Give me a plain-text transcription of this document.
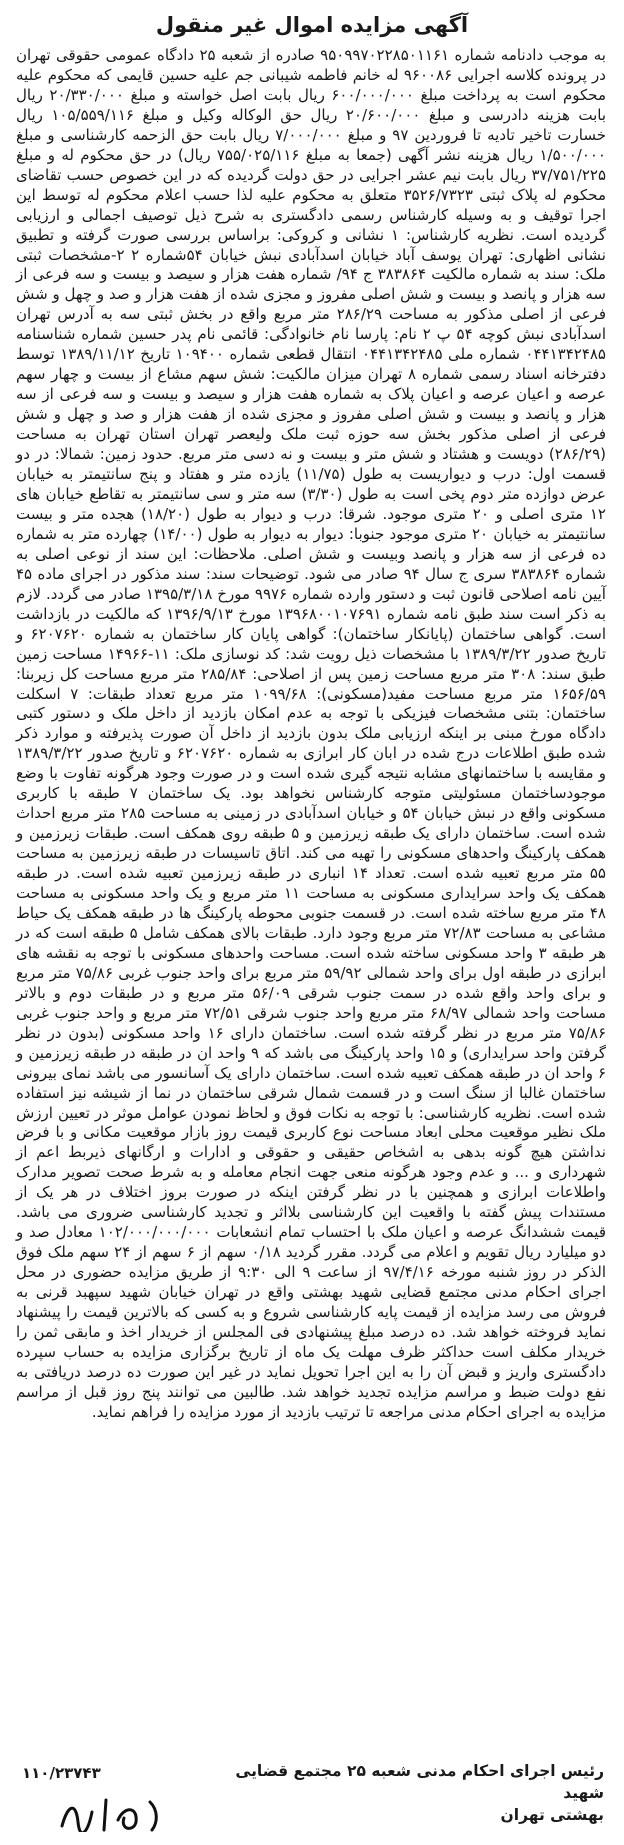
آگهی مزایده اموال غیر منقول

به موجب دادنامه شماره ۹۵۰۹۹۷۰۲۲۸۵۰۱۱۶۱ صادره از شعبه ۲۵ دادگاه عمومی حقوقی تهران در پرونده کلاسه اجرایی ۹۶۰۰۸۶ له خانم فاطمه شیبانی جم علیه حسین قایمی که محکوم علیه محکوم است به پرداخت مبلغ ۶۰۰/۰۰۰/۰۰۰ ریال بابت اصل خواسته و مبلغ ۲۰/۳۳۰/۰۰۰ ریال بابت هزینه دادرسی و مبلغ ۲۰/۶۰۰/۰۰۰ ریال حق الوکاله وکیل و مبلغ ۱۰۵/۵۵۹/۱۱۶ ریال خسارت تاخیر تادیه تا فروردین ۹۷ و مبلغ ۷/۰۰۰/۰۰۰ ریال بابت حق الزحمه کارشناسی و مبلغ ۱/۵۰۰/۰۰۰ ریال هزینه نشر آگهی (جمعا به مبلغ ۷۵۵/۰۲۵/۱۱۶ ریال) در حق محکوم له و مبلغ ۳۷/۷۵۱/۲۲۵ ریال بابت نیم عشر اجرایی در حق دولت گردیده که در این خصوص حسب تقاضای محکوم له پلاک ثبتی ۳۵۲۶/۷۳۲۳ متعلق به محکوم علیه لذا حسب اعلام محکوم له توسط این اجرا توقیف و به وسیله کارشناس رسمی دادگستری به شرح ذیل توصیف اجمالی و ارزیابی گردیده است. نظریه کارشناس: ۱ نشانی و کروکی: براساس بررسی صورت گرفته و تطبیق نشانی اظهاری: تهران یوسف آباد خیابان اسدآبادی نبش خیابان ۵۴شماره ۲ ۲-مشخصات ثبتی ملک: سند به شماره مالکیت ۳۸۳۸۶۴ ج ۹۴/ شماره هفت هزار و سیصد و بیست و سه فرعی از سه هزار و پانصد و بیست و شش اصلی مفروز و مجزی شده از هفت هزار و صد و چهل و شش فرعی از اصلی مذکور به مساحت ۲۸۶/۲۹ متر مربع واقع در بخش ثبتی سه به آدرس تهران اسدآبادی نبش کوچه ۵۴ پ ۲ نام: پارسا نام خانوادگی: قائمی نام پدر حسین شماره شناسنامه ۰۴۴۱۳۴۲۴۸۵ شماره ملی ۰۴۴۱۳۴۲۴۸۵ انتقال قطعی شماره ۱۰۹۴۰۰ تاریخ ۱۳۸۹/۱۱/۱۲ توسط دفترخانه اسناد رسمی شماره ۸ تهران میزان مالکیت: شش سهم مشاع از بیست و چهار سهم عرصه و اعیان عرصه و اعیان پلاک به شماره هفت هزار و سیصد و بیست و سه فرعی از سه هزار و پانصد و بیست و شش اصلی مفروز و مجزی شده از هفت هزار و صد و چهل و شش فرعی از اصلی مذکور بخش سه حوزه ثبت ملک ولیعصر تهران استان تهران به مساحت (۲۸۶/۲۹) دویست و هشتاد و شش متر و بیست و نه دسی متر مربع. حدود زمین: شمالا: در دو قسمت اول: درب و دیواریست به طول (۱۱/۷۵) یازده متر و هفتاد و پنج سانتیمتر به خیابان عرض دوازده متر دوم پخی است به طول (۳/۳۰) سه متر و سی سانتیمتر به تقاطع خیابان های ۱۲ متری اصلی و ۲۰ متری موجود. شرقا: درب و دیوار به طول (۱۸/۲۰) هجده متر و بیست سانتیمتر به خیابان ۲۰ متری موجود جنوبا: دیوار به دیوار به طول (۱۴/۰۰) چهارده متر به شماره ده فرعی از سه هزار و پانصد وبیست و شش اصلی. ملاحظات: این سند از نوعی اصلی به شماره ۳۸۳۸۶۴ سری ج سال ۹۴ صادر می شود. توضیحات سند: سند مذکور در اجرای ماده ۴۵ آیین نامه اصلاحی قانون ثبت و دستور وارده شماره ۹۹۷۶ مورخ ۱۳۹۵/۳/۱۸ صادر می گردد. لازم به ذکر است سند طبق نامه شماره ۱۳۹۶۸۰۰۱۰۷۶۹۱ مورخ ۱۳۹۶/۹/۱۳ که مالکیت در بازداشت است. گواهی ساختمان (پایانکار ساختمان): گواهی پایان کار ساختمان به شماره ۶۲۰۷۶۲۰ و تاریخ صدور ۱۳۸۹/۳/۲۲ با مشخصات ذیل رویت شد: کد نوسازی ملک: ۱۱-۱۴۹۶۶ مساحت زمین طبق سند: ۳۰۸ متر مربع مساحت زمین پس از اصلاحی: ۲۸۵/۸۴ متر مربع مساحت کل زیربنا: ۱۶۵۶/۵۹ متر مربع مساحت مفید(مسکونی): ۱۰۹۹/۶۸ متر مربع تعداد طبقات: ۷ اسکلت ساختمان: بتنی مشخصات فیزیکی با توجه به عدم امکان بازدید از داخل ملک و دستور کتبی دادگاه مورخ مبنی بر اینکه ارزیابی ملک بدون بازدید از داخل آن صورت پذیرفته و موارد ذکر شده طبق اطلاعات درج شده در ابان کار ابرازی به شماره ۶۲۰۷۶۲۰ و تاریخ صدور ۱۳۸۹/۳/۲۲ و مقایسه با ساختمانهای مشابه نتیجه گیری شده است و در صورت وجود هرگونه تفاوت با وضع موجودساختمان مسئولیتی متوجه کارشناس نخواهد بود. یک ساختمان ۷ طبقه با کاربری مسکونی واقع در نبش خیابان ۵۴ و خیابان اسدآبادی در زمینی به مساحت ۲۸۵ متر مربع احداث شده است. ساختمان دارای یک طبقه زیرزمین و ۵ طبقه روی همکف است. طبقات زیرزمین و همکف پارکینگ واحدهای مسکونی را تهیه می کند. اتاق تاسیسات در طبقه زیرزمین به مساحت ۵۵ متر مربع تعبیه شده است. تعداد ۱۴ انباری در طبقه زیرزمین تعبیه شده است. در طبقه همکف یک واحد سرایداری مسکونی به مساحت ۱۱ متر مربع و یک واحد مسکونی به مساحت ۴۸ متر مربع ساخته شده است. در قسمت جنوبی محوطه پارکینگ ها در طبقه همکف یک حیاط مشاعی به مساحت ۷۲/۸۳ متر مربع وجود دارد. طبقات بالای همکف شامل ۵ طبقه است که در هر طبقه ۳ واحد مسکونی ساخته شده است. مساحت واحدهای مسکونی با توجه به نقشه های ابرازی در طبقه اول برای واحد شمالی ۵۹/۹۲ متر مربع برای واحد جنوب غربی ۷۵/۸۶ متر مربع و برای واحد واقع شده در سمت جنوب شرقی ۵۶/۰۹ متر مربع و در طبقات دوم و بالاتر مساحت واحد شمالی ۶۸/۹۷ متر مربع واحد جنوب شرقی ۷۲/۵۱ متر مربع و واحد جنوب غربی ۷۵/۸۶ متر مربع در نظر گرفته شده است. ساختمان دارای ۱۶ واحد مسکونی (بدون در نظر گرفتن واحد سرایداری) و ۱۵ واحد پارکینگ می باشد که ۹ واحد ان در طبقه در طبقه زیرزمین و ۶ واحد ان در طبقه همکف تعبیه شده است. ساختمان دارای یک آسانسور می باشد نمای بیرونی ساختمان غالبا از سنگ است و در قسمت شمال شرقی ساختمان در نما از شیشه نیز استفاده شده است. نظریه کارشناسی: با توجه به نکات فوق و لحاظ نمودن عوامل موثر در تعیین ارزش ملک نظیر موقعیت محلی ابعاد مساحت نوع کاربری قیمت روز بازار موقعیت مکانی و با فرض نداشتن هیچ گونه بدهی به اشخاص حقیقی و حقوقی و ادارات و ارگانهای ذیربط اعم از شهرداری و ... و عدم وجود هرگونه منعی جهت انجام معامله و به شرط صحت تصویر مدارک واطلاعات ابرازی و همچنین با در نظر گرفتن اینکه در صورت بروز اختلاف در هر یک از مستندات پیش گفته با واقعیت این کارشناسی بلااثر و تجدید کارشناسی ضروری می باشد. قیمت ششدانگ عرصه و اعیان ملک با احتساب تمام انشعابات ۱۰۲/۰۰۰/۰۰۰/۰۰۰ معادل صد و دو میلیارد ریال تقویم و اعلام می گردد. مقرر گردید ۰/۱۸ سهم از ۶ سهم از ۲۴ سهم ملک فوق الذکر در روز شنبه مورخه ۹۷/۴/۱۶ از ساعت ۹ الی ۹:۳۰ از طریق مزایده حضوری در محل اجرای احکام مدنی مجتمع قضایی شهید بهشتی واقع در تهران خیابان شهید سپهبد قرنی به فروش می رسد مزایده از قیمت پایه کارشناسی شروع و به کسی که بالاترین قیمت را پیشنهاد نماید فروخته خواهد شد. ده درصد مبلغ پیشنهادی فی المجلس از خریدار اخذ و مابقی ثمن را خریدار مکلف است حداکثر ظرف مهلت یک ماه از تاریخ برگزاری مزایده به حساب سپرده دادگستری واریز و قبض آن را به این اجرا تحویل نماید در غیر این صورت ده درصد دریافتی به نفع دولت ضبط و مراسم مزایده تجدید خواهد شد. طالبین می توانند پنج روز قبل از مراسم مزایده به اجرای احکام مدنی مراجعه تا ترتیب بازدید از مورد مزایده را فراهم نماید.

رئیس اجرای احکام مدنی شعبه ۲۵ مجتمع قضایی شهید
بهشتی تهران
۱۱۰/۲۳۷۴۳
